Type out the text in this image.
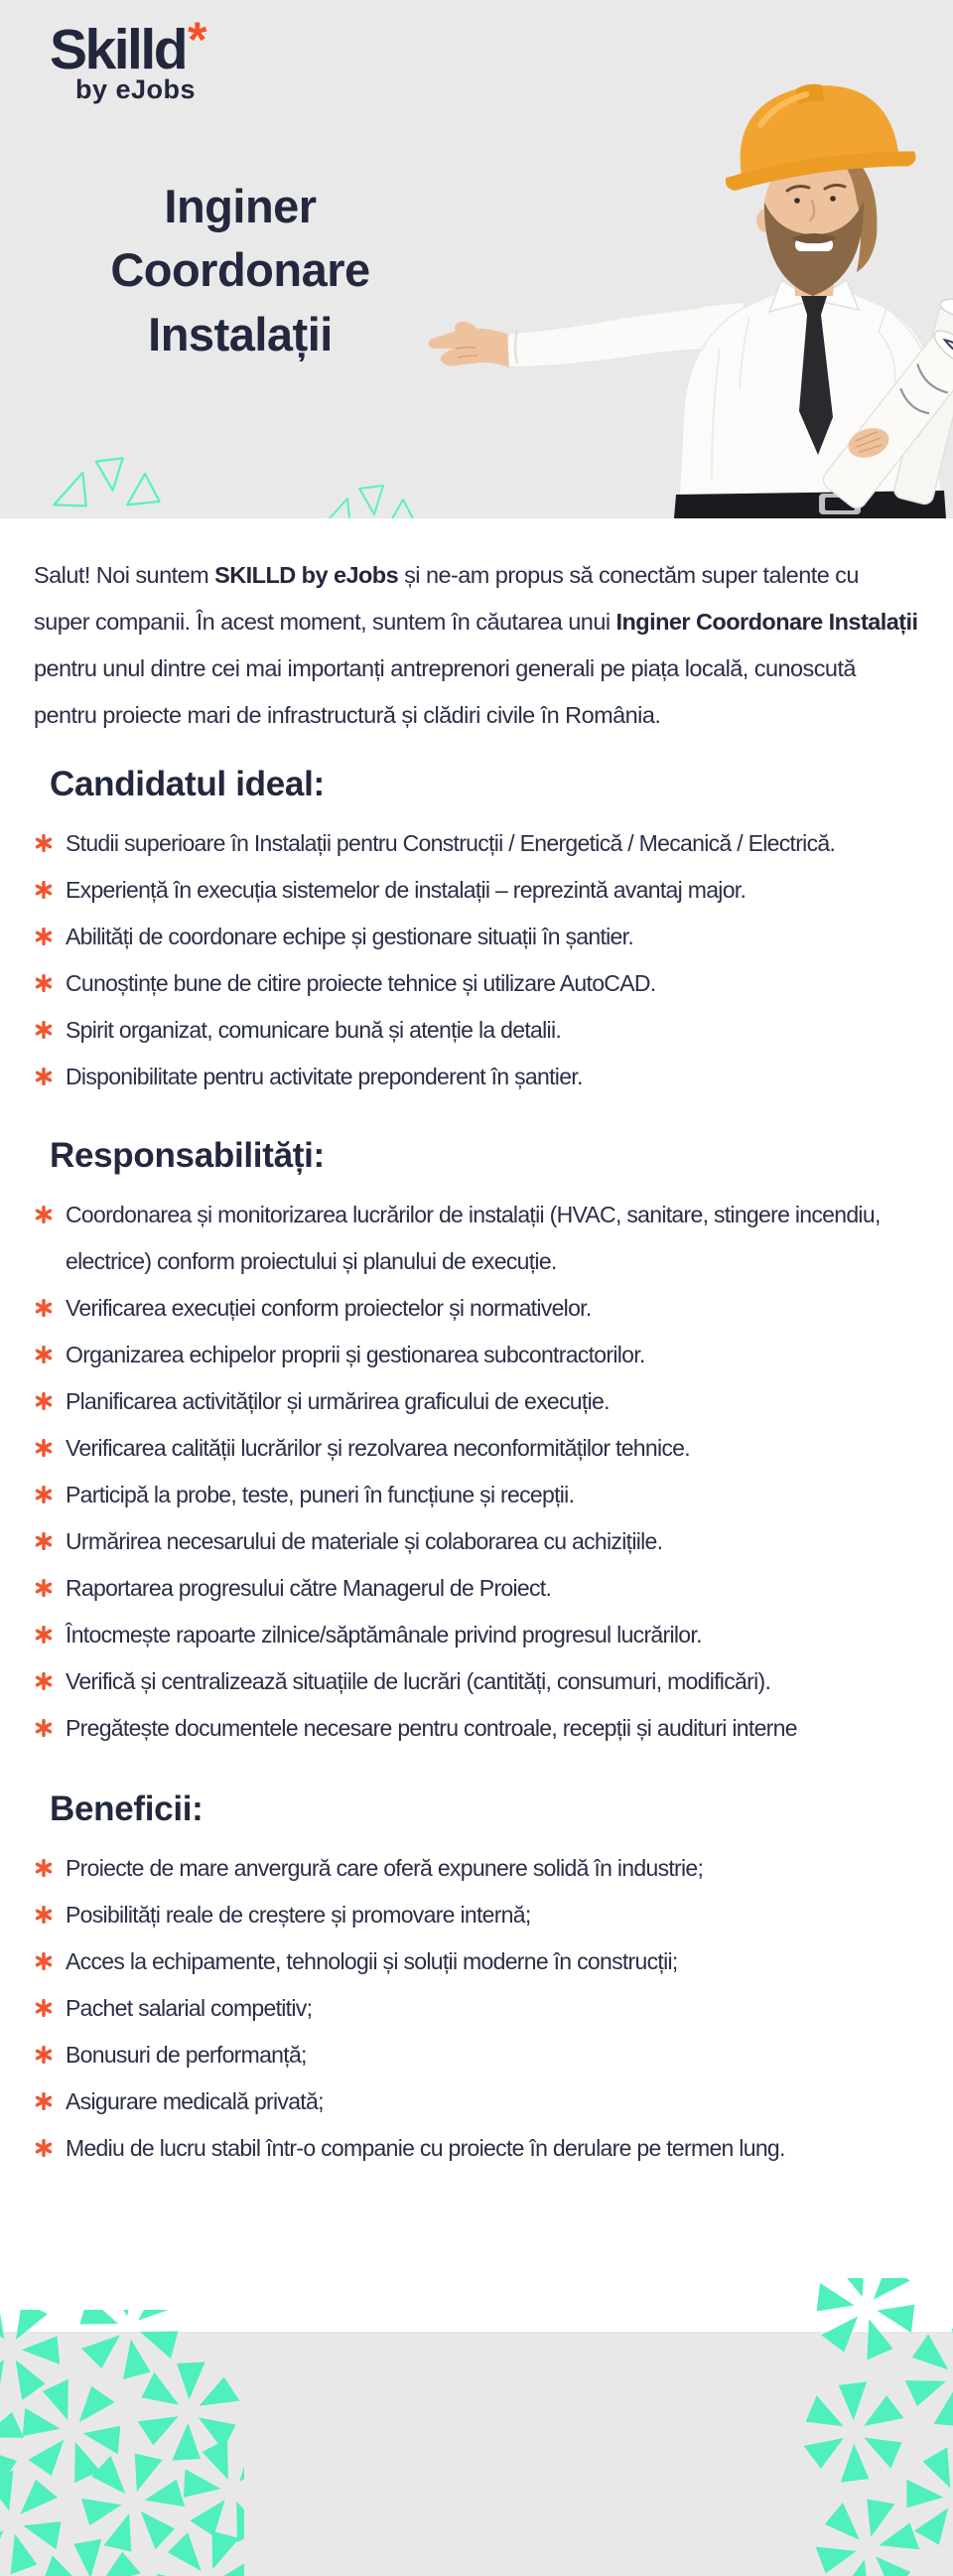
Skilld*
by eJobs
Inginer Coordonare Instalații

Salut! Noi suntem SKILLD by eJobs și ne-am propus să conectăm super talente cu super companii. În acest moment, suntem în căutarea unui Inginer Coordonare Instalații pentru unul dintre cei mai importanți antreprenori generali pe piața locală, cunoscută pentru proiecte mari de infrastructură și clădiri civile în România.

Candidatul ideal:
Studii superioare în Instalații pentru Construcții / Energetică / Mecanică / Electrică.
Experiență în execuția sistemelor de instalații – reprezintă avantaj major.
Abilități de coordonare echipe și gestionare situații în șantier.
Cunoștințe bune de citire proiecte tehnice și utilizare AutoCAD.
Spirit organizat, comunicare bună și atenție la detalii.
Disponibilitate pentru activitate preponderent în șantier.
Responsabilități:
Coordonarea și monitorizarea lucrărilor de instalații (HVAC, sanitare, stingere incendiu, electrice) conform proiectului și planului de execuție.
Verificarea execuției conform proiectelor și normativelor.
Organizarea echipelor proprii și gestionarea subcontractorilor.
Planificarea activităților și urmărirea graficului de execuție.
Verificarea calității lucrărilor și rezolvarea neconformităților tehnice.
Participă la probe, teste, puneri în funcțiune și recepții.
Urmărirea necesarului de materiale și colaborarea cu achizițiile.
Raportarea progresului către Managerul de Proiect.
Întocmește rapoarte zilnice/săptămânale privind progresul lucrărilor.
Verifică și centralizează situațiile de lucrări (cantități, consumuri, modificări).
Pregătește documentele necesare pentru controale, recepții și audituri interne
Beneficii:
Proiecte de mare anvergură care oferă expunere solidă în industrie;
Posibilități reale de creștere și promovare internă;
Acces la echipamente, tehnologii și soluții moderne în construcții;
Pachet salarial competitiv;
Bonusuri de performanță;
Asigurare medicală privată;
Mediu de lucru stabil într-o companie cu proiecte în derulare pe termen lung.
